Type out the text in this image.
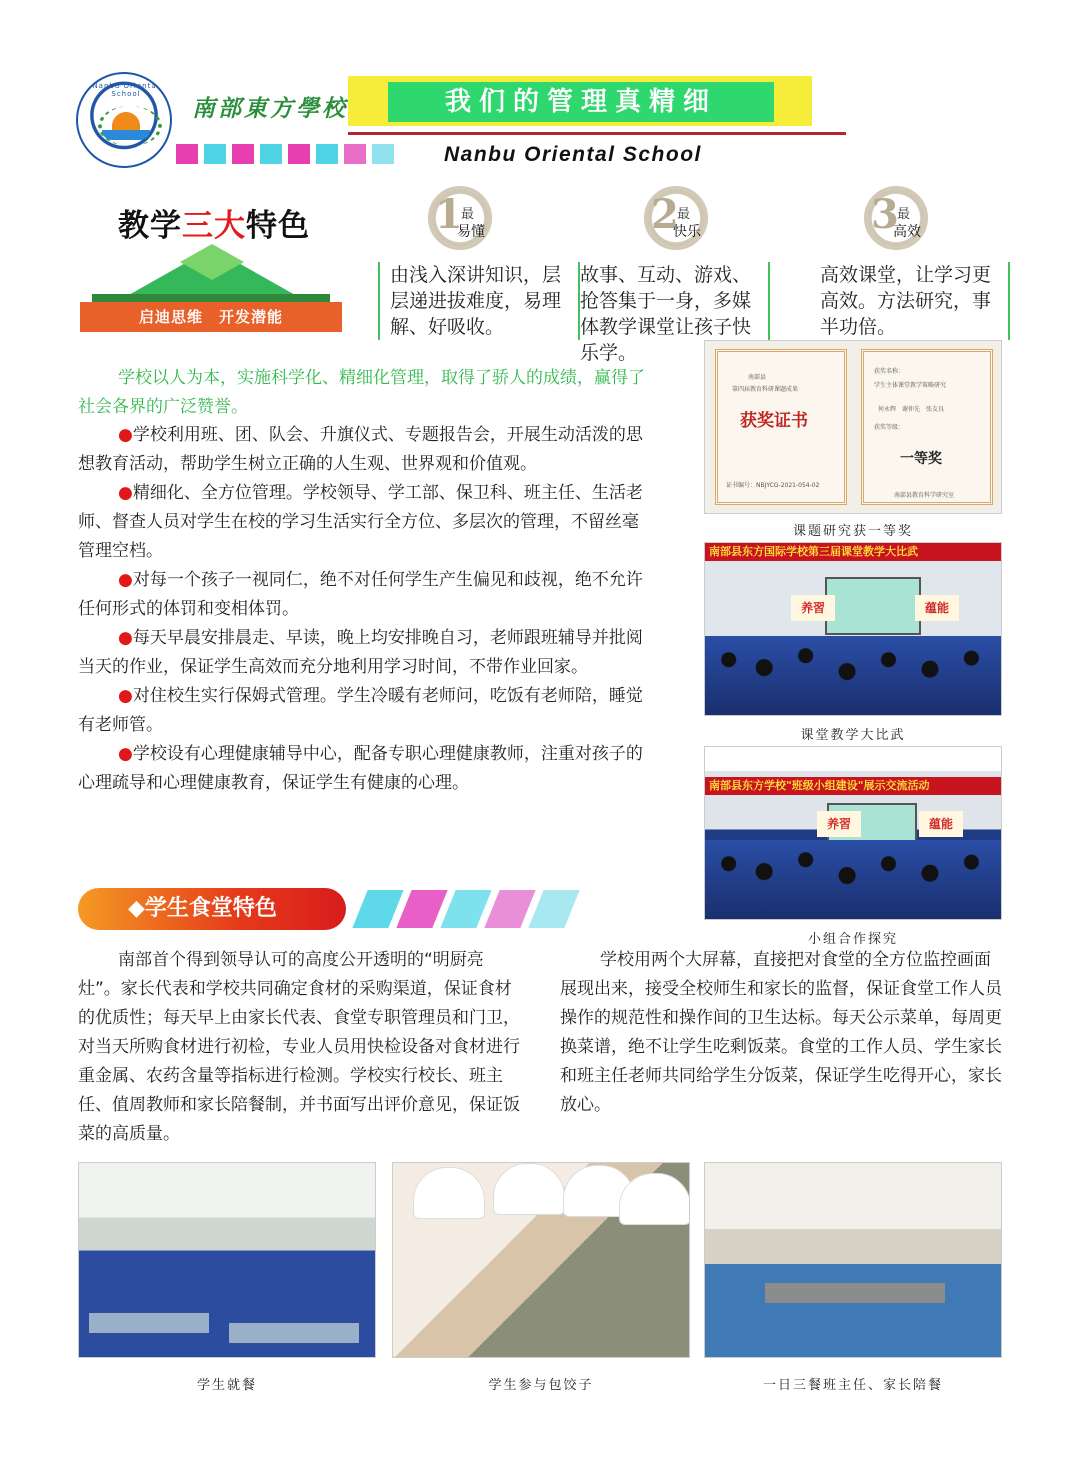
Nanbu Oriental School
南部東方學校	我们的管理真精细
Nanbu Oriental School
教学三大特色
启迪思维　开发潜能
1
最
易懂	2
最
快乐	3
最
高效
由浅入深讲知识，层层递进拔难度，易理解、好吸收。
故事、互动、游戏、抢答集于一身，多媒体教学课堂让孩子快乐学。
高效课堂，让学习更高效。方法研究，事半功倍。
学校以人为本，实施科学化、精细化管理，取得了骄人的成绩，赢得了社会各界的广泛赞誉。

●学校利用班、团、队会、升旗仪式、专题报告会，开展生动活泼的思想教育活动，帮助学生树立正确的人生观、世界观和价值观。

●精细化、全方位管理。学校领导、学工部、保卫科、班主任、生活老师、督查人员对学生在校的学习生活实行全方位、多层次的管理，不留丝毫管理空档。

●对每一个孩子一视同仁，绝不对任何学生产生偏见和歧视，绝不允许任何形式的体罚和变相体罚。

●每天早晨安排晨走、早读，晚上均安排晚自习，老师跟班辅导并批阅当天的作业，保证学生高效而充分地利用学习时间，不带作业回家。

●对住校生实行保姆式管理。学生冷暖有老师问，吃饭有老师陪，睡觉有老师管。

●学校设有心理健康辅导中心，配备专职心理健康教师，注重对孩子的心理疏导和心理健康教育，保证学生有健康的心理。

南部县
第四届教育科研课题成果
获奖证书
证书编号：NBJYCG-2021-054-02
获奖名称：
学生主体课堂教学策略研究
何永辉　谢仲先　张友良
获奖等级：
一等奖
南部县教育科学研究室
课题研究获一等奖
南部县东方国际学校第三届课堂教学大比武
养習	蕴能
课堂教学大比武
南部县东方学校"班级小组建设"展示交流活动
养習	蕴能
小组合作探究
◆学生食堂特色
南部首个得到领导认可的高度公开透明的“明厨亮灶”。家长代表和学校共同确定食材的采购渠道，保证食材的优质性；每天早上由家长代表、食堂专职管理员和门卫，对当天所购食材进行初检，专业人员用快检设备对食材进行重金属、农药含量等指标进行检测。学校实行校长、班主任、值周教师和家长陪餐制，并书面写出评价意见，保证饭菜的高质量。
学校用两个大屏幕，直接把对食堂的全方位监控画面展现出来，接受全校师生和家长的监督，保证食堂工作人员操作的规范性和操作间的卫生达标。每天公示菜单，每周更换菜谱，绝不让学生吃剩饭菜。食堂的工作人员、学生家长和班主任老师共同给学生分饭菜，保证学生吃得开心，家长放心。
学生就餐	学生参与包饺子	一日三餐班主任、家长陪餐
